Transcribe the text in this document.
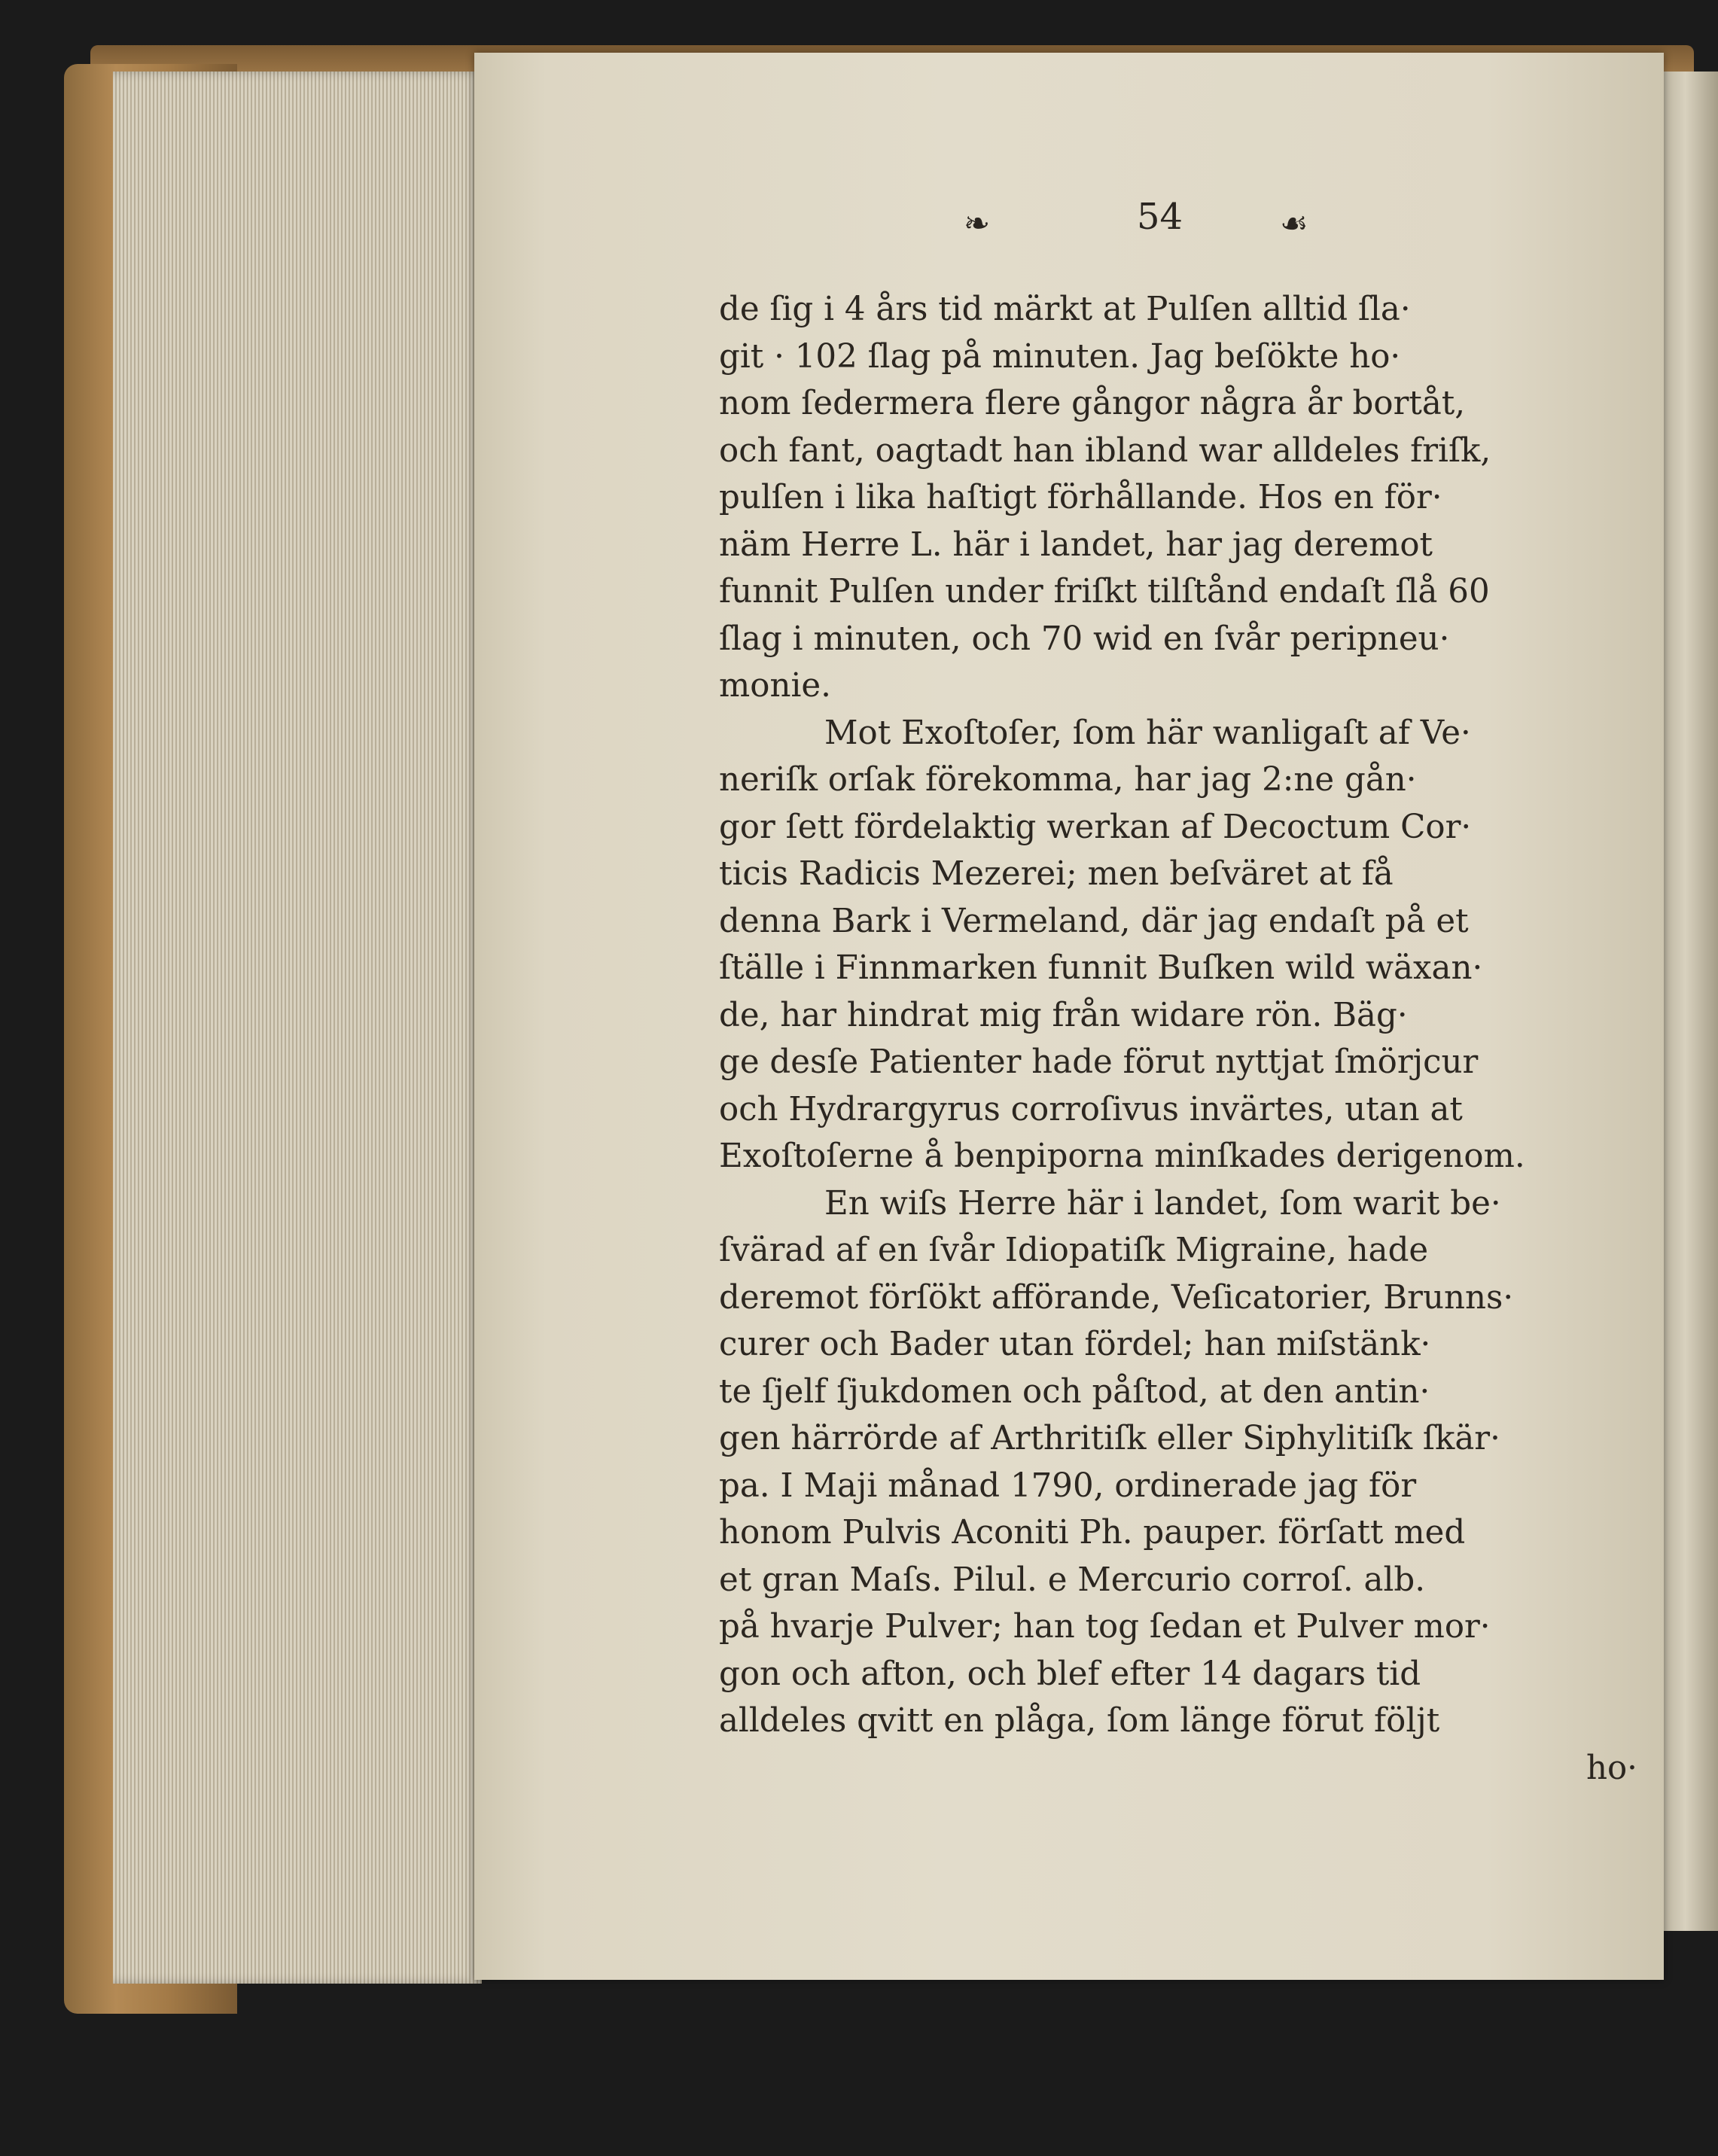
❧	54	☙
de ſig i 4 års tid märkt at Pulſen alltid ſla·
git · 102 ſlag på minuten. Jag beſökte ho·
nom ſedermera flere gångor några år bortåt,
och fant, oagtadt han ibland war alldeles friſk,
pulſen i lika haſtigt förhållande. Hos en för·
näm Herre L. här i landet, har jag deremot
funnit Pulſen under friſkt tilſtånd endaſt ſlå 60
ſlag i minuten, och 70 wid en ſvår peripneu·
monie.
Mot Exoſtoſer, ſom här wanligaſt af Ve·
neriſk orſak förekomma, har jag 2:ne gån·
gor ſett fördelaktig werkan af Decoctum Cor·
ticis Radicis Mezerei; men beſväret at få
denna Bark i Vermeland, där jag endaſt på et
ſtälle i Finnmarken funnit Buſken wild wäxan·
de, har hindrat mig från widare rön. Bäg·
ge desſe Patienter hade förut nyttjat ſmörjcur
och Hydrargyrus corroſivus invärtes, utan at
Exoſtoſerne å benpiporna minſkades derigenom.
En wiſs Herre här i landet, ſom warit be·
ſvärad af en ſvår Idiopatiſk Migraine, hade
deremot förſökt afförande, Veſicatorier, Brunns·
curer och Bader utan fördel; han miſstänk·
te ſjelf ſjukdomen och påſtod, at den antin·
gen härrörde af Arthritiſk eller Siphylitiſk ſkär·
pa. I Maji månad 1790, ordinerade jag för
honom Pulvis Aconiti Ph. pauper. förſatt med
et gran Maſs. Pilul. e Mercurio corroſ. alb.
på hvarje Pulver; han tog ſedan et Pulver mor·
gon och afton, och blef efter 14 dagars tid
alldeles qvitt en plåga, ſom länge förut följt
ho·
